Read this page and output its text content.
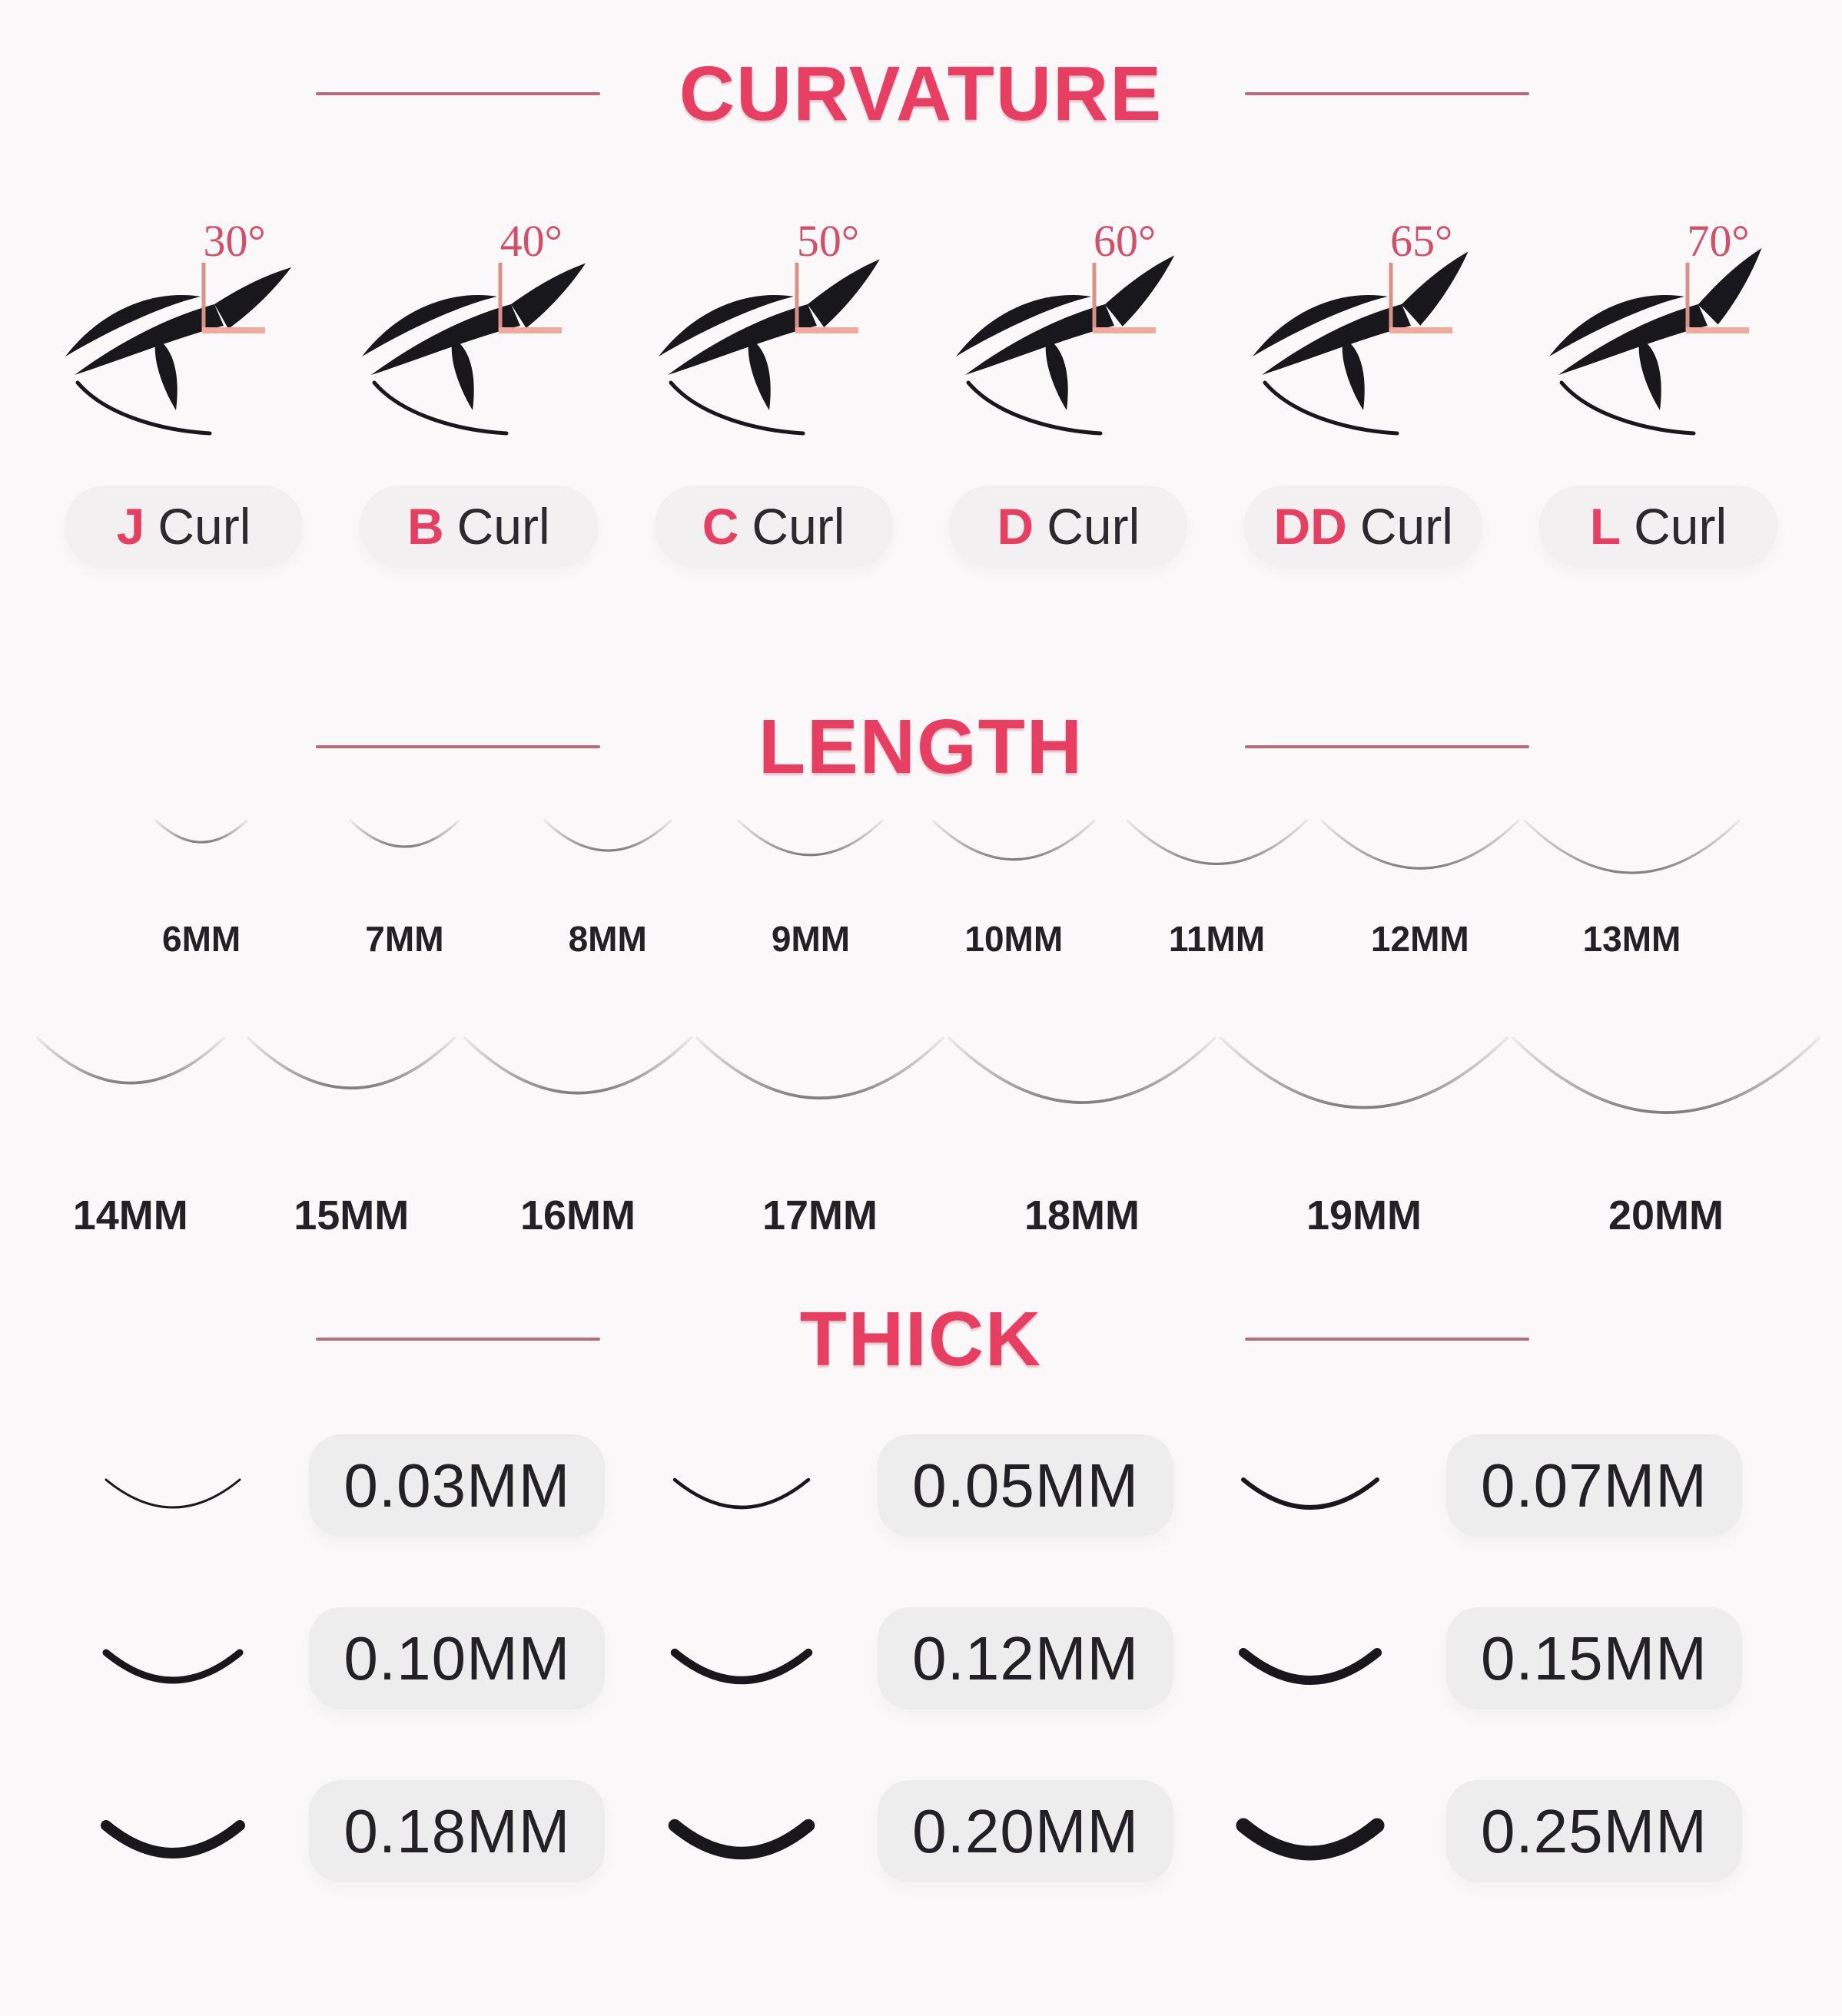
CURVATURE
30°	40°	50°	60°	65°	70°
J Curl	B Curl	C Curl	D Curl	DD Curl	L Curl
LENGTH
6MM	7MM	8MM	9MM	10MM	11MM	12MM	13MM
14MM	15MM	16MM	17MM	18MM	19MM	20MM
THICK
0.03MM	0.05MM	0.07MM
0.10MM	0.12MM	0.15MM
0.18MM	0.20MM	0.25MM
